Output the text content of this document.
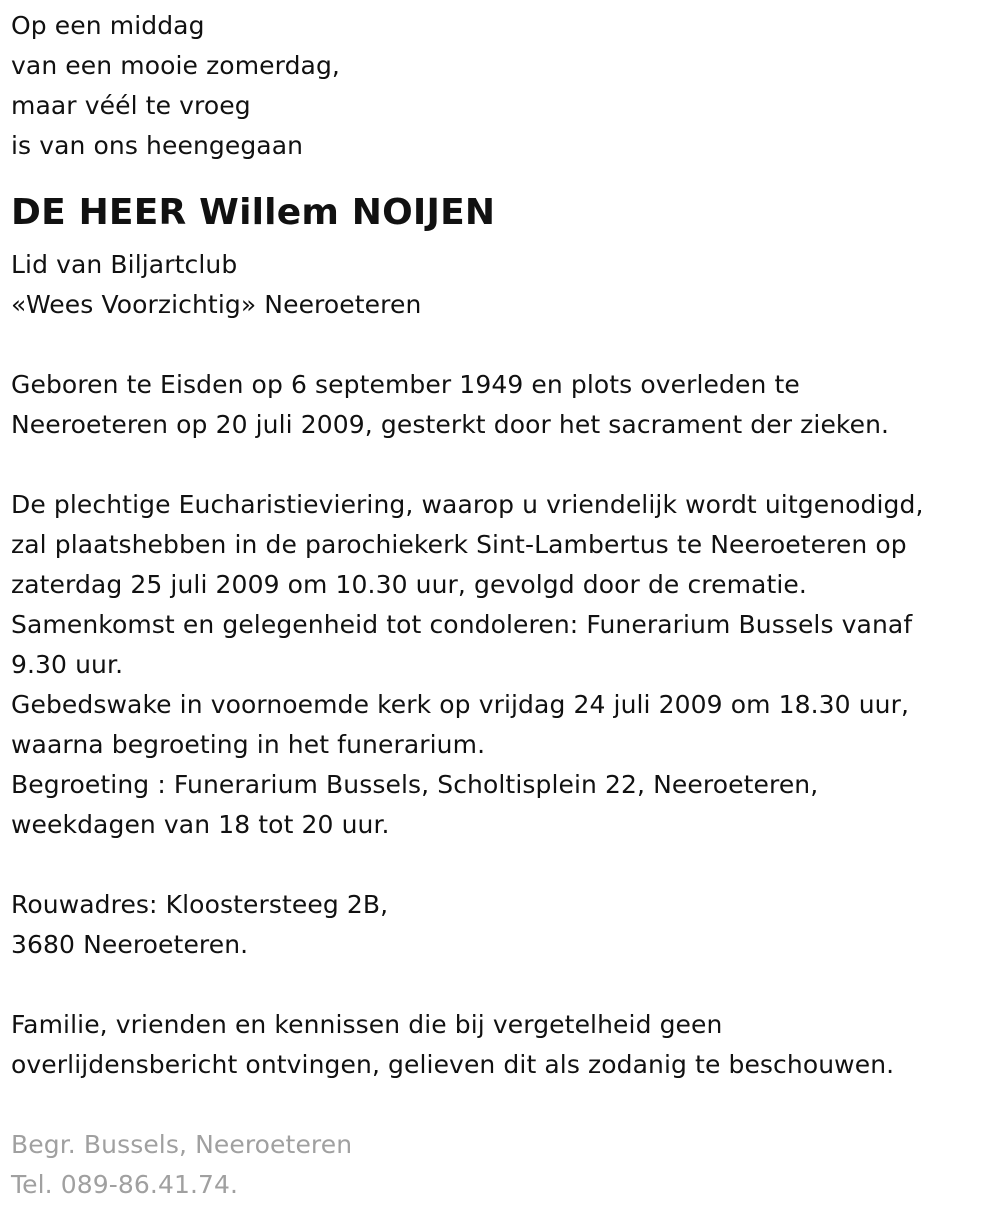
Op een middag
van een mooie zomerdag,
maar véél te vroeg
is van ons heengegaan
DE HEER Willem NOIJEN
Lid van Biljartclub
«Wees Voorzichtig» Neeroeteren
Geboren te Eisden op 6 september 1949 en plots overleden te
Neeroeteren op 20 juli 2009, gesterkt door het sacrament der zieken.
De plechtige Eucharistieviering, waarop u vriendelijk wordt uitgenodigd,
zal plaatshebben in de parochiekerk Sint-Lambertus te Neeroeteren op
zaterdag 25 juli 2009 om 10.30 uur, gevolgd door de crematie.
Samenkomst en gelegenheid tot condoleren: Funerarium Bussels vanaf
9.30 uur.
Gebedswake in voornoemde kerk op vrijdag 24 juli 2009 om 18.30 uur,
waarna begroeting in het funerarium.
Begroeting : Funerarium Bussels, Scholtisplein 22, Neeroeteren,
weekdagen van 18 tot 20 uur.
Rouwadres: Kloostersteeg 2B,
3680 Neeroeteren.
Familie, vrienden en kennissen die bij vergetelheid geen
overlijdensbericht ontvingen, gelieven dit als zodanig te beschouwen.
Begr. Bussels, Neeroeteren
Tel. 089-86.41.74.
